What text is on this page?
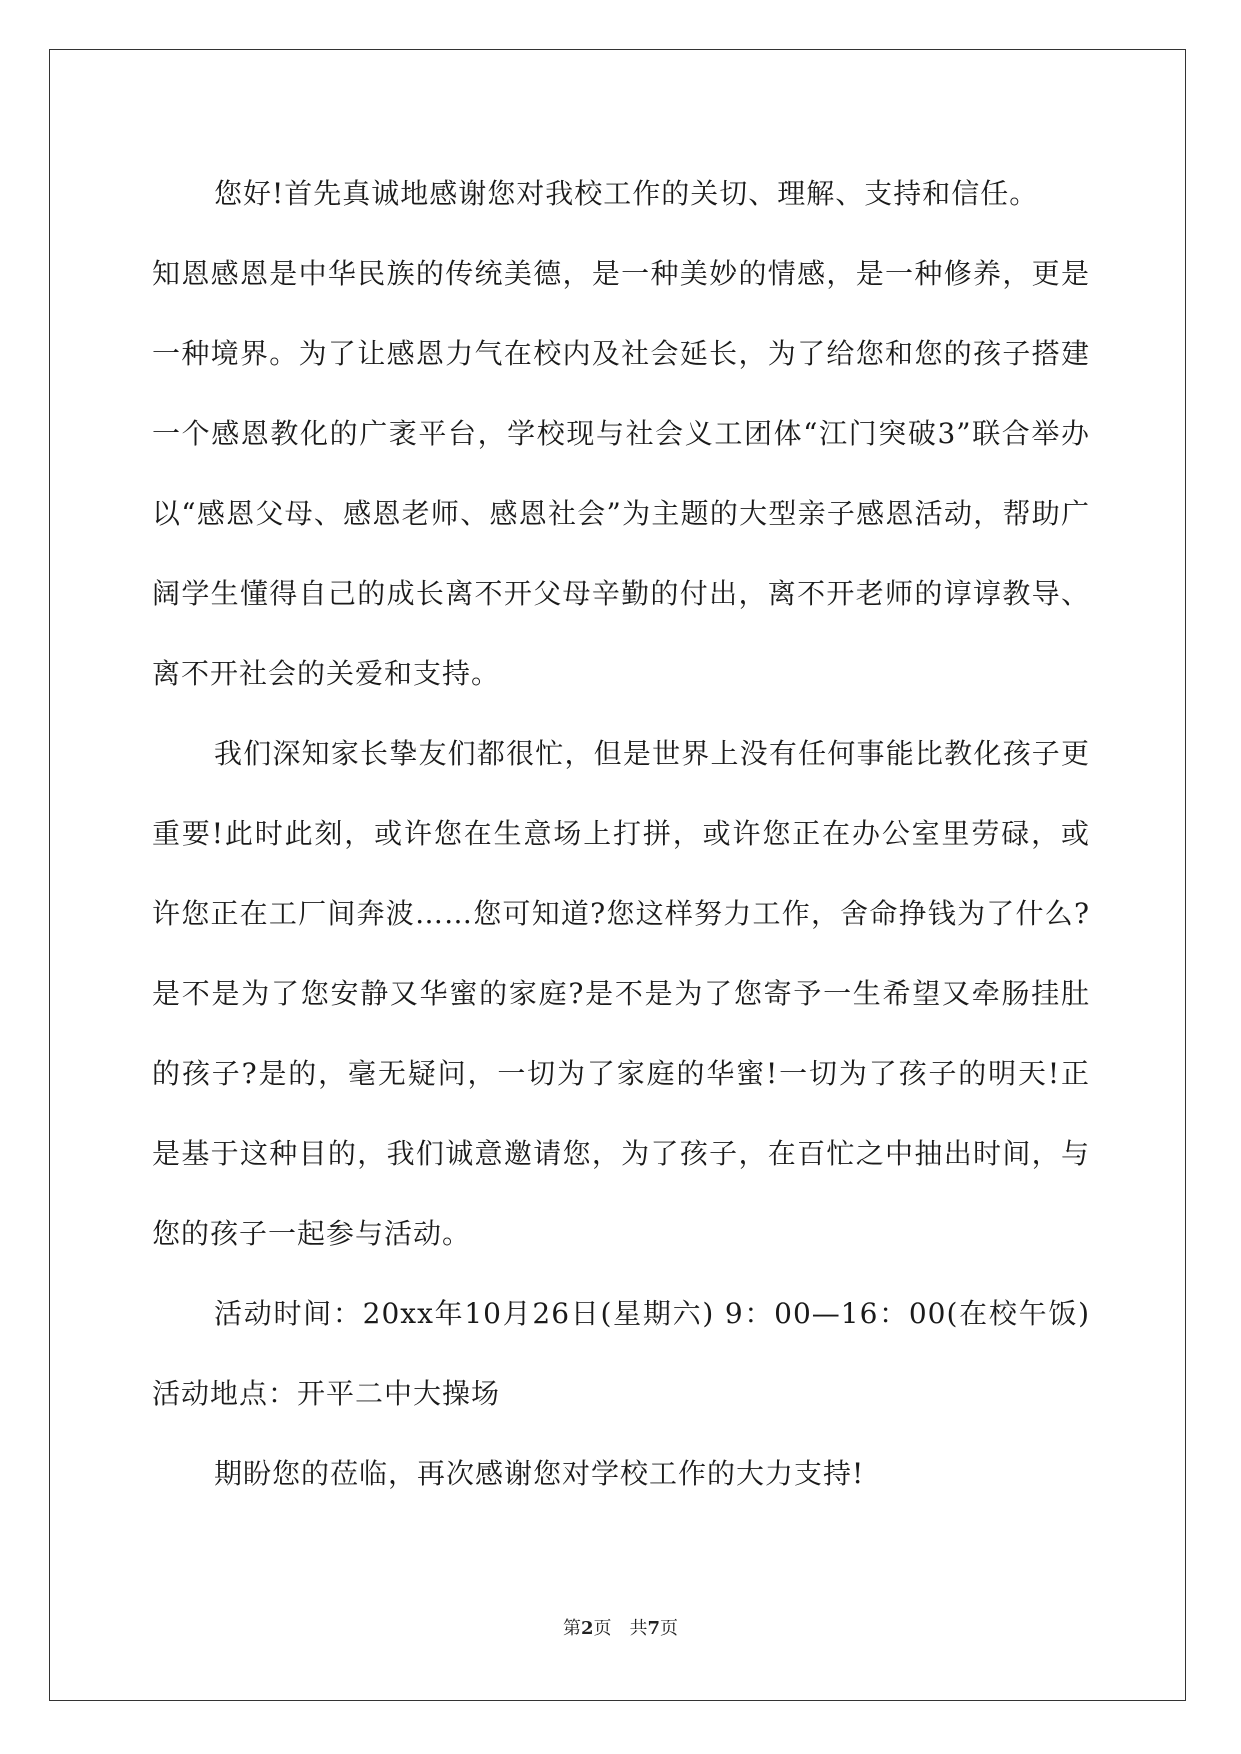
您好!首先真诚地感谢您对我校工作的关切、理解、支持和信任。

知恩感恩是中华民族的传统美德，是一种美妙的情感，是一种修养，更是一种境界。为了让感恩力气在校内及社会延长，为了给您和您的孩子搭建一个感恩教化的广袤平台，学校现与社会义工团体“江门突破3”联合举办以“感恩父母、感恩老师、感恩社会”为主题的大型亲子感恩活动，帮助广阔学生懂得自己的成长离不开父母辛勤的付出，离不开老师的谆谆教导、离不开社会的关爱和支持。

我们深知家长挚友们都很忙，但是世界上没有任何事能比教化孩子更重要!此时此刻，或许您在生意场上打拼，或许您正在办公室里劳碌，或许您正在工厂间奔波……您可知道?您这样努力工作，舍命挣钱为了什么?是不是为了您安静又华蜜的家庭?是不是为了您寄予一生希望又牵肠挂肚的孩子?是的，毫无疑问，一切为了家庭的华蜜!一切为了孩子的明天!正是基于这种目的，我们诚意邀请您，为了孩子，在百忙之中抽出时间，与您的孩子一起参与活动。

活动时间：20xx年10月26日(星期六) 9：00—16：00(在校午饭) 活动地点：开平二中大操场

期盼您的莅临，再次感谢您对学校工作的大力支持!

第2页 共7页
